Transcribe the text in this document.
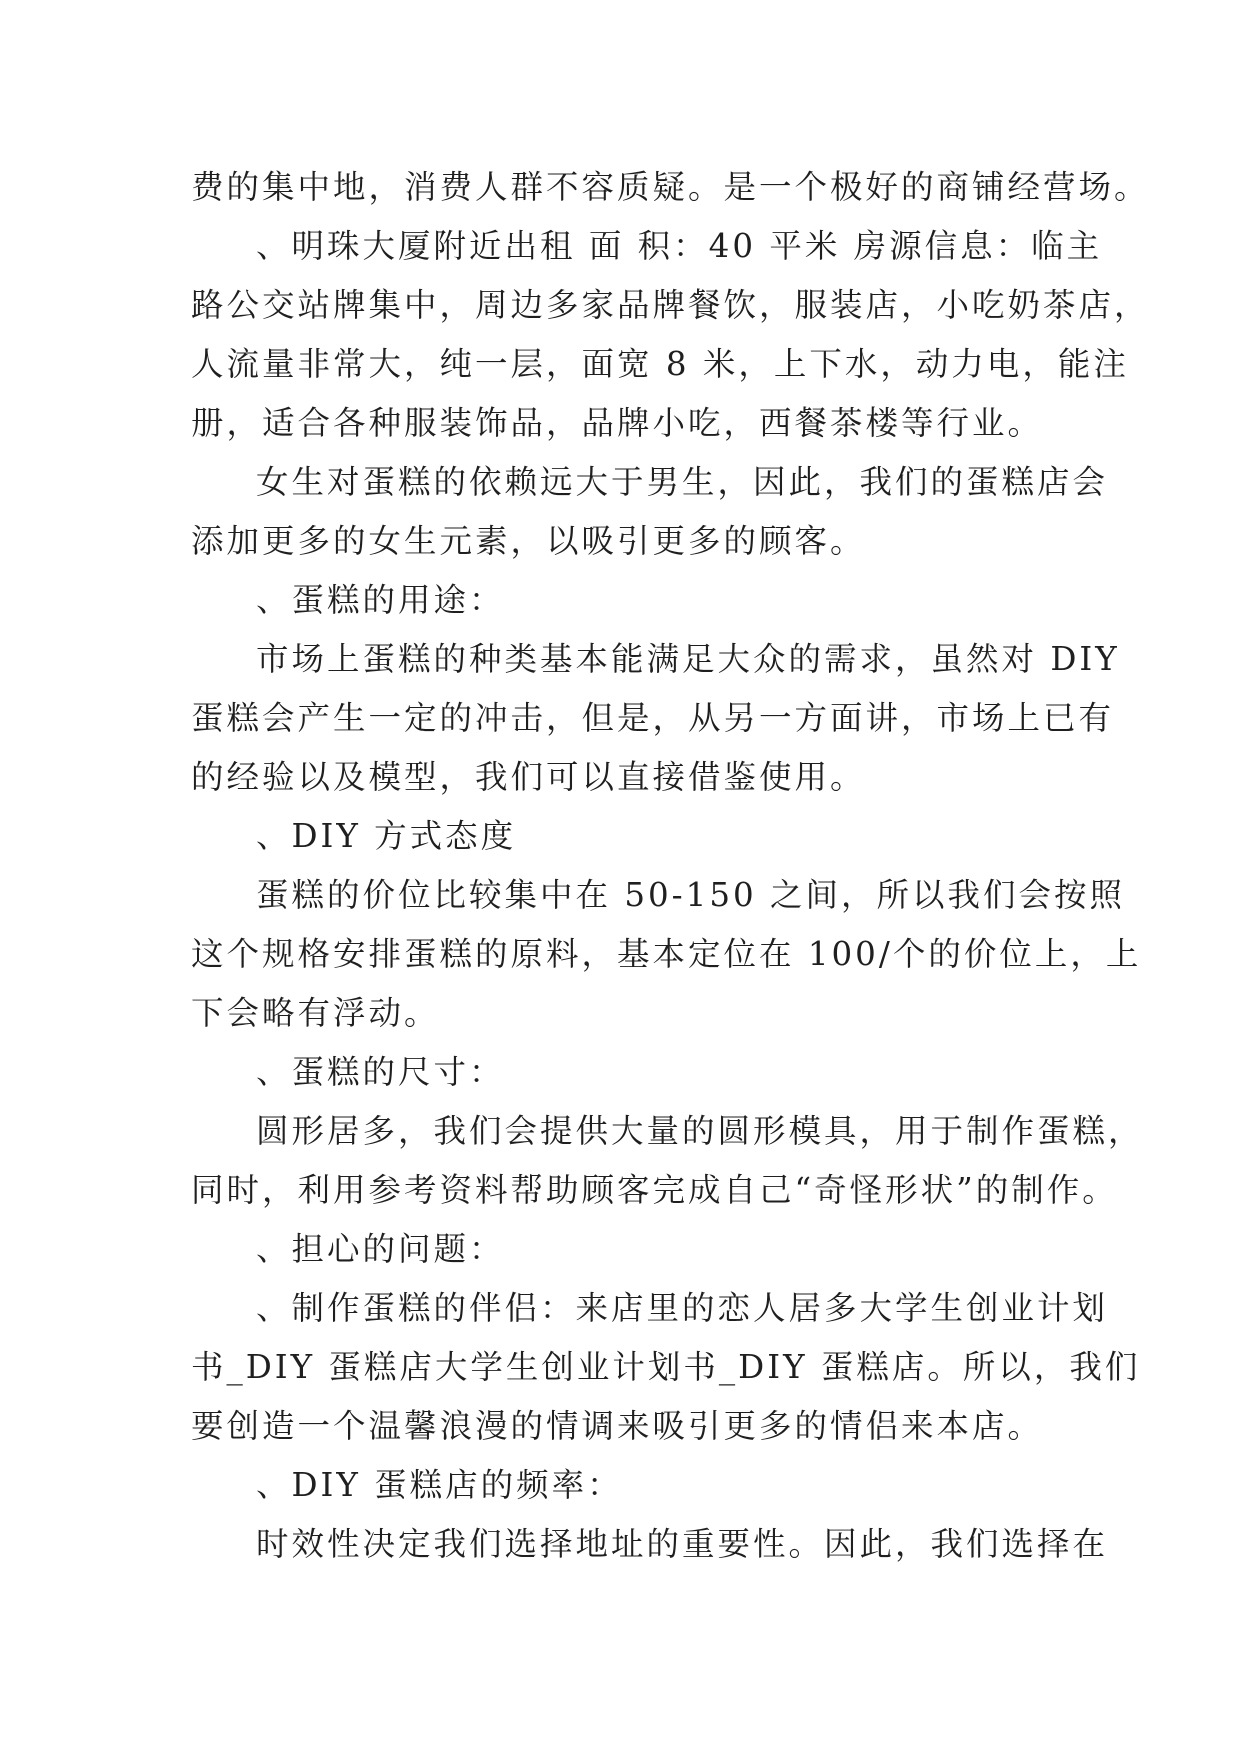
费的集中地，消费人群不容质疑。是一个极好的商铺经营场。
、明珠大厦附近出租 面 积：40 平米 房源信息：临主
路公交站牌集中，周边多家品牌餐饮，服装店，小吃奶茶店，
人流量非常大，纯一层，面宽 8 米，上下水，动力电，能注
册，适合各种服装饰品，品牌小吃，西餐茶楼等行业。
女生对蛋糕的依赖远大于男生，因此，我们的蛋糕店会
添加更多的女生元素，以吸引更多的顾客。
、蛋糕的用途：
市场上蛋糕的种类基本能满足大众的需求，虽然对 DIY
蛋糕会产生一定的冲击，但是，从另一方面讲，市场上已有
的经验以及模型，我们可以直接借鉴使用。
、DIY 方式态度
蛋糕的价位比较集中在 50-150 之间，所以我们会按照
这个规格安排蛋糕的原料，基本定位在 100/个的价位上，上
下会略有浮动。
、蛋糕的尺寸：
圆形居多，我们会提供大量的圆形模具，用于制作蛋糕，
同时，利用参考资料帮助顾客完成自己“奇怪形状”的制作。
、担心的问题：
、制作蛋糕的伴侣：来店里的恋人居多大学生创业计划
书_DIY 蛋糕店大学生创业计划书_DIY 蛋糕店。所以，我们
要创造一个温馨浪漫的情调来吸引更多的情侣来本店。
、DIY 蛋糕店的频率：
时效性决定我们选择地址的重要性。因此，我们选择在
